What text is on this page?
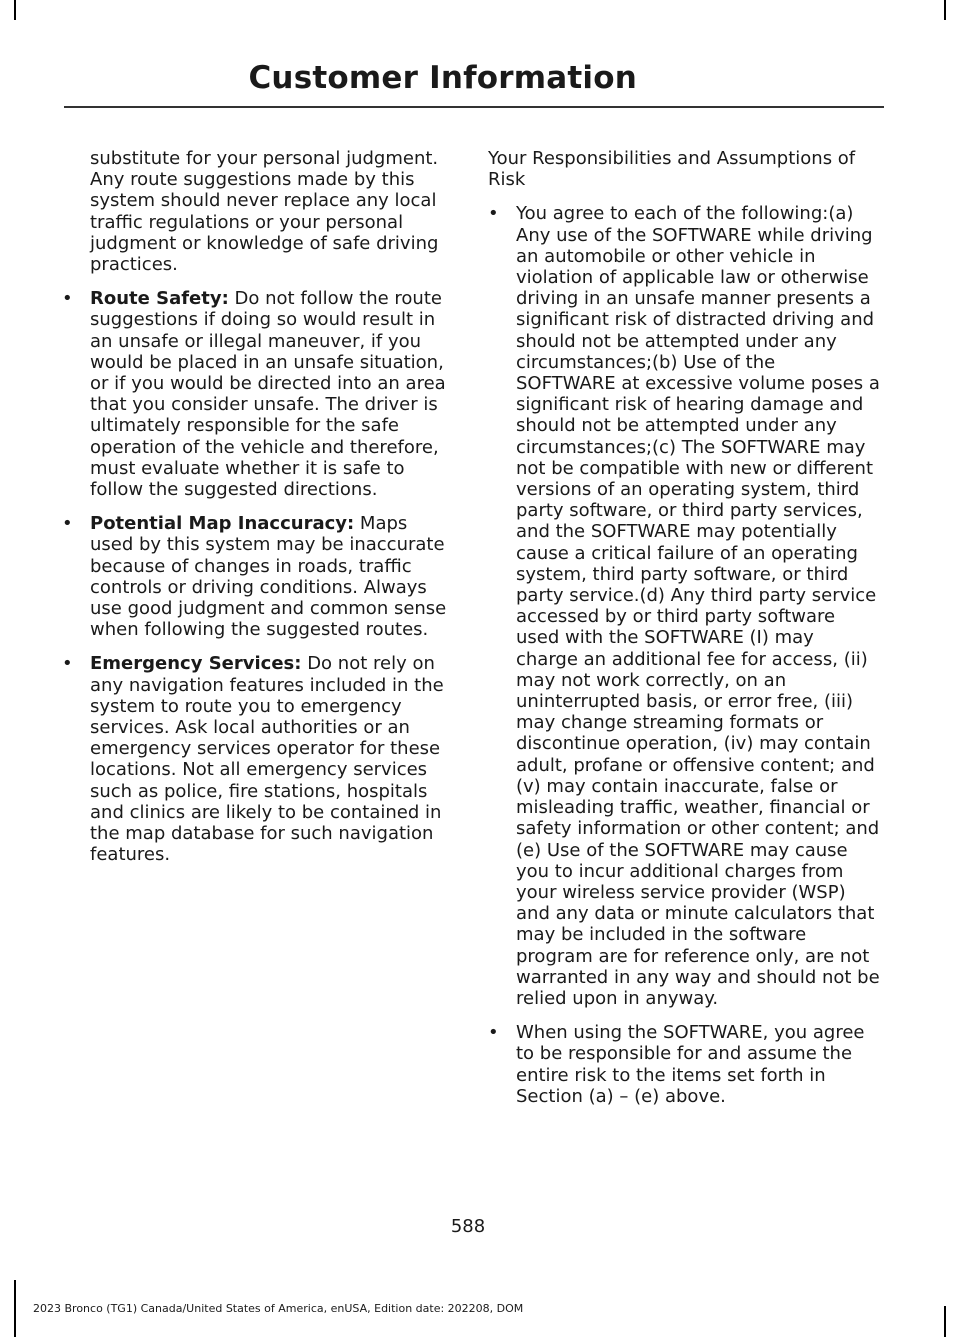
Customer Information

substitute for your personal judgment. Any route suggestions made by this system should never replace any local traffic regulations or your personal judgment or knowledge of safe driving practices.

• Route Safety: Do not follow the route suggestions if doing so would result in an unsafe or illegal maneuver, if you would be placed in an unsafe situation, or if you would be directed into an area that you consider unsafe. The driver is ultimately responsible for the safe operation of the vehicle and therefore, must evaluate whether it is safe to follow the suggested directions.
• Potential Map Inaccuracy: Maps used by this system may be inaccurate because of changes in roads, traffic controls or driving conditions. Always use good judgment and common sense when following the suggested routes.
• Emergency Services: Do not rely on any navigation features included in the system to route you to emergency services. Ask local authorities or an emergency services operator for these locations. Not all emergency services such as police, fire stations, hospitals and clinics are likely to be contained in the map database for such navigation features.

Your Responsibilities and Assumptions of Risk

• You agree to each of the following:(a) Any use of the SOFTWARE while driving an automobile or other vehicle in violation of applicable law or otherwise driving in an unsafe manner presents a significant risk of distracted driving and should not be attempted under any circumstances;(b) Use of the SOFTWARE at excessive volume poses a significant risk of hearing damage and should not be attempted under any circumstances;(c) The SOFTWARE may not be compatible with new or different versions of an operating system, third party software, or third party services, and the SOFTWARE may potentially cause a critical failure of an operating system, third party software, or third party service.(d) Any third party service accessed by or third party software used with the SOFTWARE (I) may charge an additional fee for access, (ii) may not work correctly, on an uninterrupted basis, or error free, (iii) may change streaming formats or discontinue operation, (iv) may contain adult, profane or offensive content; and (v) may contain inaccurate, false or misleading traffic, weather, financial or safety information or other content; and (e) Use of the SOFTWARE may cause you to incur additional charges from your wireless service provider (WSP) and any data or minute calculators that may be included in the software program are for reference only, are not warranted in any way and should not be relied upon in anyway.
• When using the SOFTWARE, you agree to be responsible for and assume the entire risk to the items set forth in Section (a) – (e) above.
588
2023 Bronco (TG1) Canada/United States of America, enUSA, Edition date: 202208, DOM
